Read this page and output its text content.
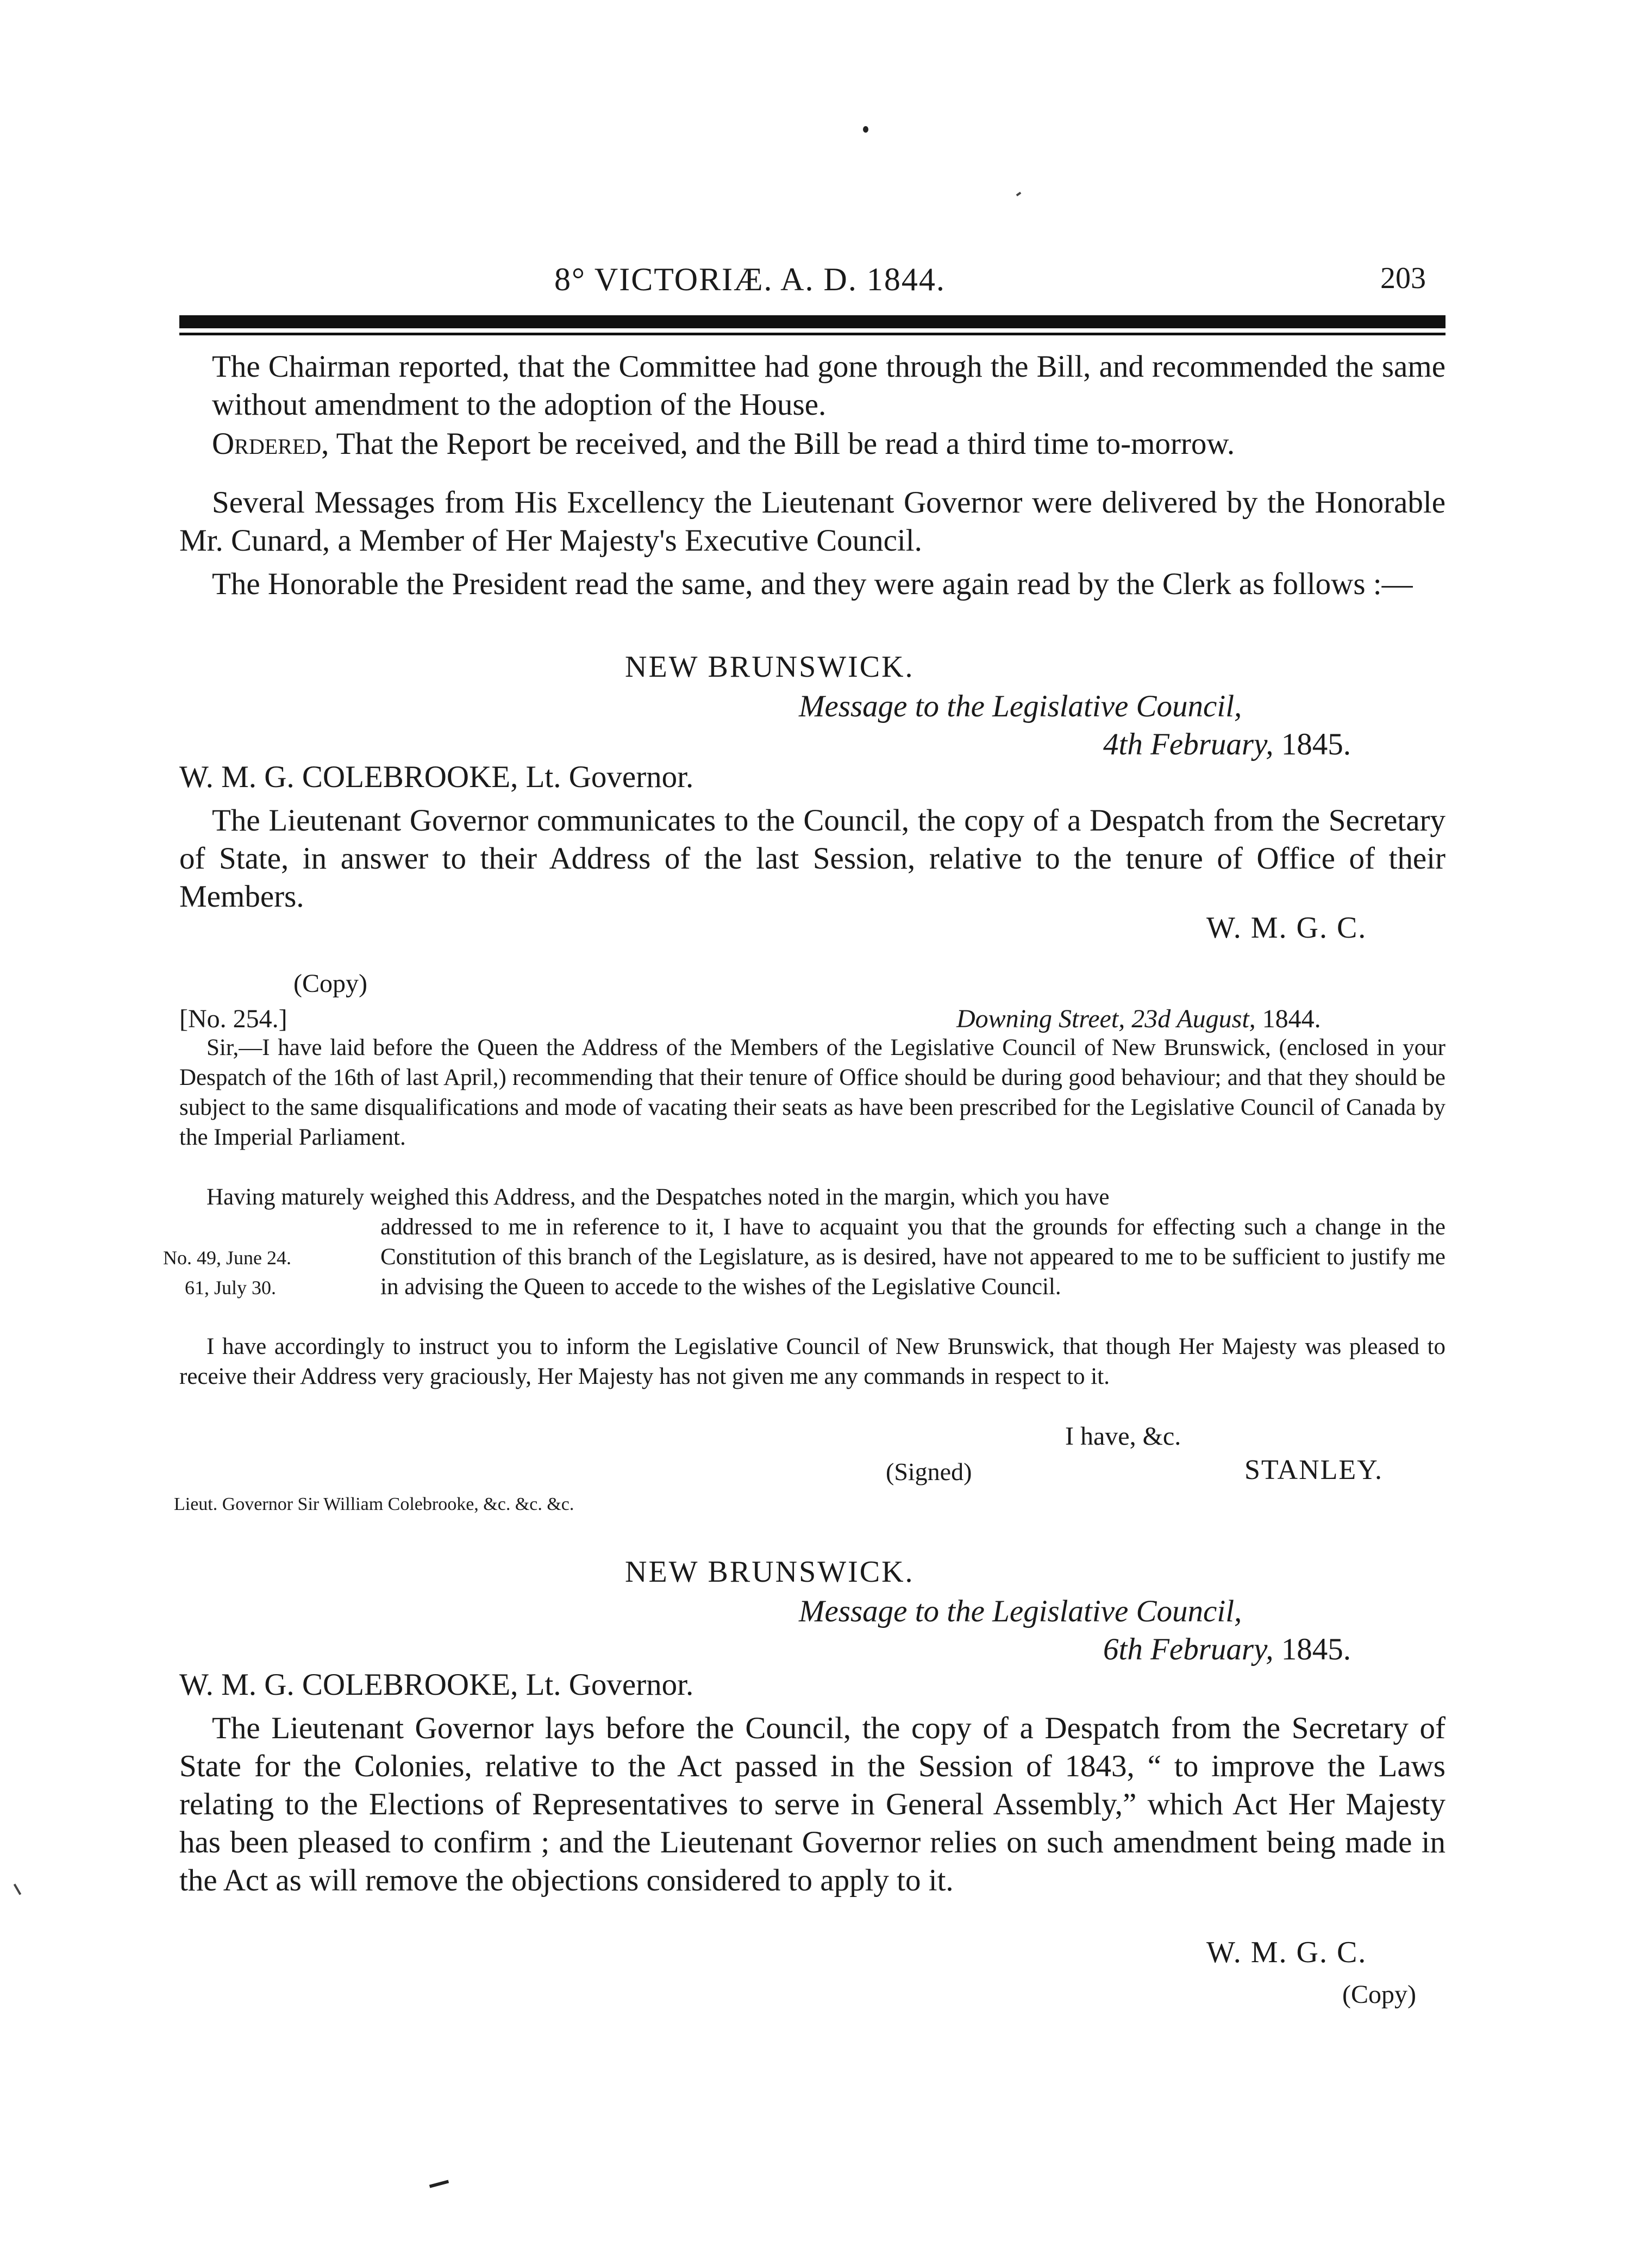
8° VICTORIÆ. A. D. 1844.	203
The Chairman reported, that the Committee had gone through the Bill, and recommended the same without amendment to the adoption of the House.
Ordered, That the Report be received, and the Bill be read a third time to-morrow.
Several Messages from His Excellency the Lieutenant Governor were delivered by the Honorable Mr. Cunard, a Member of Her Majesty's Executive Council.
The Honorable the President read the same, and they were again read by the Clerk as follows :—
NEW BRUNSWICK.
Message to the Legislative Council,
4th February, 1845.
W. M. G. COLEBROOKE, Lt. Governor.
The Lieutenant Governor communicates to the Council, the copy of a Despatch from the Secretary of State, in answer to their Address of the last Session, relative to the tenure of Office of their Members.
W. M. G. C.
(Copy)
[No. 254.]	Downing Street, 23d August, 1844.
Sir,—I have laid before the Queen the Address of the Members of the Legislative Council of New Brunswick, (enclosed in your Despatch of the 16th of last April,) recommending that their tenure of Office should be during good behaviour; and that they should be subject to the same disqualifications and mode of vacating their seats as have been prescribed for the Legislative Council of Canada by the Imperial Parliament.
Having maturely weighed this Address, and the Despatches noted in the margin, which you have
addressed to me in reference to it, I have to acquaint you that the grounds for effecting such a change in the Constitution of this branch of the Legislature, as is desired, have not appeared to me to be sufficient to justify me in advising the Queen to accede to the wishes of the Legislative Council.
No. 49, June 24.
61, July 30.
I have accordingly to instruct you to inform the Legislative Council of New Brunswick, that though Her Majesty was pleased to receive their Address very graciously, Her Majesty has not given me any commands in respect to it.
I have, &c.
(Signed)	STANLEY.
Lieut. Governor Sir William Colebrooke, &c. &c. &c.
NEW BRUNSWICK.
Message to the Legislative Council,
6th February, 1845.
W. M. G. COLEBROOKE, Lt. Governor.
The Lieutenant Governor lays before the Council, the copy of a Despatch from the Secretary of State for the Colonies, relative to the Act passed in the Session of 1843, “ to improve the Laws relating to the Elections of Representatives to serve in General Assembly,” which Act Her Majesty has been pleased to confirm ; and the Lieutenant Governor relies on such amendment being made in the Act as will remove the objections considered to apply to it.
W. M. G. C.
(Copy)
